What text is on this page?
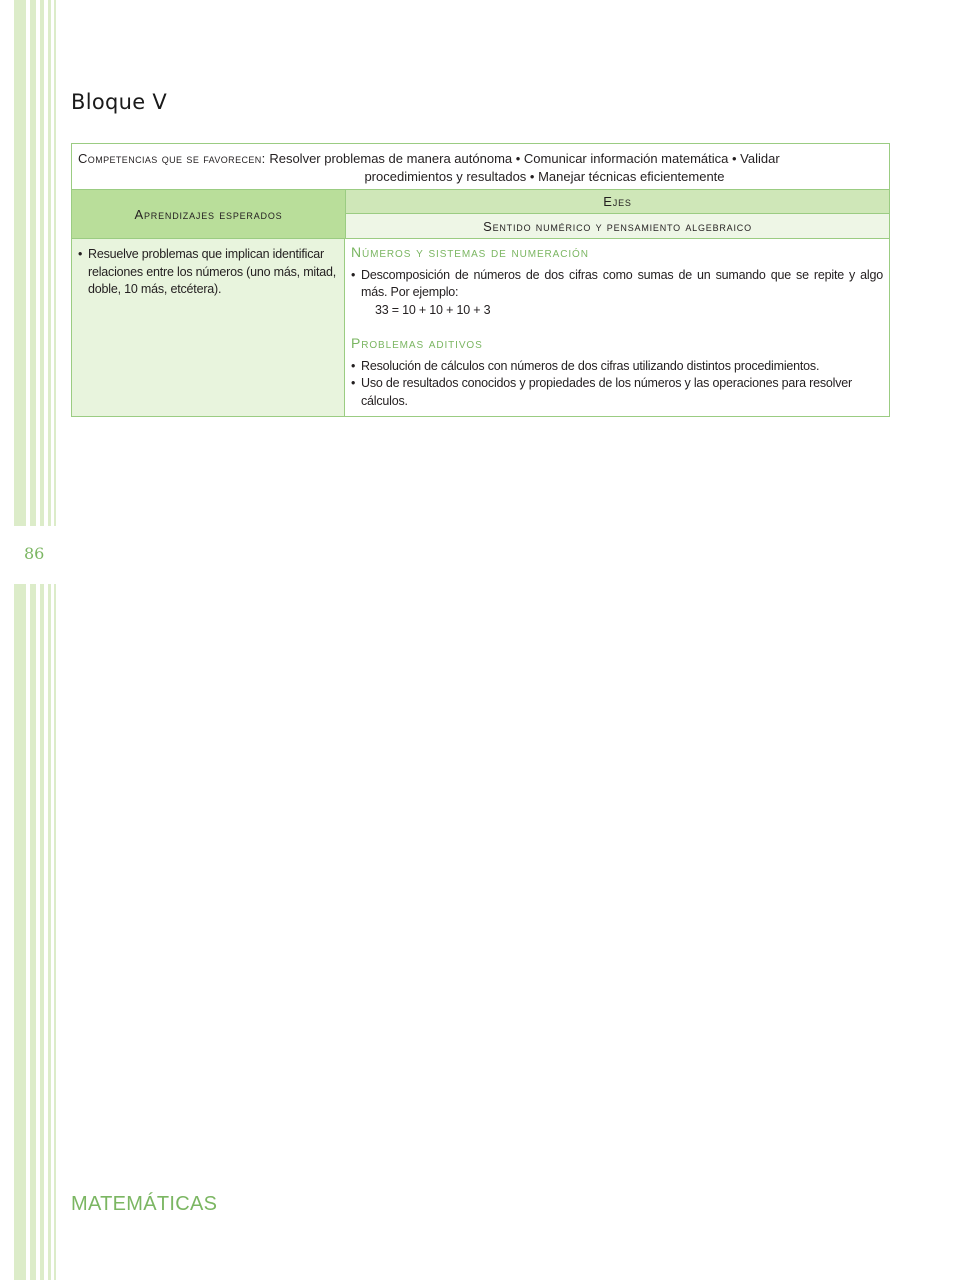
86
Bloque V
Competencias que se favorecen: Resolver problemas de manera autónoma • Comunicar información matemática • Validar
procedimientos y resultados • Manejar técnicas eficientemente
Aprendizajes esperados
Ejes
Sentido numérico y pensamiento algebraico
• Resuelve problemas que implican identificar relaciones entre los números (uno más, mitad, doble, 10 más, etcétera).
Números y sistemas de numeración
• Descomposición de números de dos cifras como sumas de un sumando que se repite y algo más. Por ejemplo:
33 = 10 + 10 + 10 + 3
Problemas aditivos
• Resolución de cálculos con números de dos cifras utilizando distintos procedimientos.
• Uso de resultados conocidos y propiedades de los números y las operaciones para resolver cálculos.
MATEMÁTICAS
